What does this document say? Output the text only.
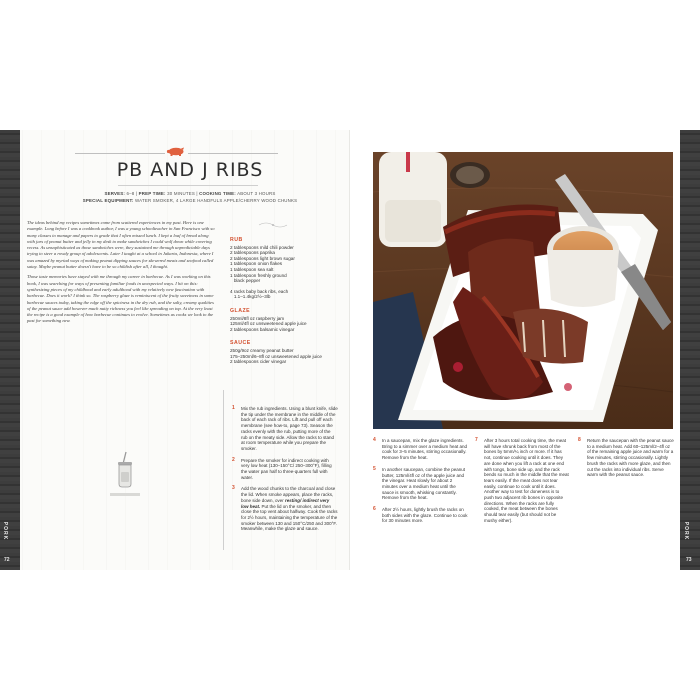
PORK
72
PB AND J RIBS
SERVES: 6–8 | PREP TIME: 30 MINUTES | COOKING TIME: ABOUT 3 HOURS
SPECIAL EQUIPMENT: WATER SMOKER, 4 LARGE HANDFULS APPLE/CHERRY WOOD CHUNKS

The ideas behind my recipes sometimes come from scattered experiences in my past. Here is one example. Long before I was a cookbook author, I was a young schoolteacher in San Francisco with so many classes to manage and papers to grade that I often missed lunch. I kept a loaf of bread along with jars of peanut butter and jelly in my desk to make sandwiches I could wolf down while covering recess. As unsophisticated as those sandwiches were, they sustained me through unpredictable days trying to steer a rowdy group of adolescents. Later I taught at a school in Jakarta, Indonesia, where I was amazed by myriad ways of making peanut dipping sauces for skewered meats and seafood called satay. Maybe peanut butter doesn't have to be so childish after all, I thought.

Those taste memories have stayed with me through my career in barbecue. As I was working on this book, I was searching for ways of presenting familiar foods in unexpected ways. I hit on this: synthesizing pieces of my childhood and early adulthood with my relatively new fascination with barbecue. Does it work? I think so. The raspberry glaze is reminiscent of the fruity sweetness in some barbecue sauces today, taking the edge off the spiciness in the dry rub, and the salty, creamy qualities of the peanut sauce add however much nutty richness you feel like spreading on top. At the very least the recipe is a good example of how barbecue continues to evolve. Sometimes as cooks we look to the past for something new.

RUB
2 tablespoons mild chili powder
2 tablespoons paprika
2 tablespoons light brown sugar
1 tablespoon onion flakes
1 tablespoon sea salt
1 tablespoon freshly ground
black pepper
4 racks baby back ribs, each
1.1–1.4kg/2½–3lb
GLAZE
250ml/8fl oz raspberry jam
125ml/4fl oz unsweetened apple juice
2 tablespoons balsamic vinegar
SAUCE
250g/9oz creamy peanut butter
175–250ml/6–8fl oz unsweetened apple juice
2 tablespoons cider vinegar
1 Mix the rub ingredients. Using a blunt knife, slide the tip under the membrane in the middle of the back of each rack of ribs. Lift and pull off each membrane (see how-to, page 73). Season the racks evenly with the rub, putting more of the rub on the meaty side. Allow the racks to stand at room temperature while you prepare the smoker.
2 Prepare the smoker for indirect cooking with very low heat (130–150°C/ 250–300°F), filling the water pan half to three-quarters full with water.
3 Add the wood chunks to the charcoal and close the lid. When smoke appears, place the racks, bone side down, over resting/ indirect very low heat. Put the lid on the smoker, and then close the top vent about halfway. Cook the racks for 2½ hours, maintaining the temperature of the smoker between 130 and 150°C/250 and 300°F. Meanwhile, make the glaze and sauce.
4 In a saucepan, mix the glaze ingredients. Bring to a simmer over a medium heat and cook for 3–5 minutes, stirring occasionally. Remove from the heat.
5 In another saucepan, combine the peanut butter, 125ml/4fl oz of the apple juice and the vinegar. Heat slowly for about 2 minutes over a medium heat until the sauce is smooth, whisking constantly. Remove from the heat.
6 After 2½ hours, lightly brush the racks on both sides with the glaze. Continue to cook for 30 minutes more.
7 After 3 hours total cooking time, the meat will have shrunk back from most of the bones by 5mm/¼ inch or more. If it has not, continue cooking until it does. They are done when you lift a rack at one end with tongs, bone side up, and the rack bends so much in the middle that the meat tears easily. If the meat does not tear easily, continue to cook until it does. Another way to test for doneness is to push two adjacent rib bones in opposite directions. When the racks are fully cooked, the meat between the bones should tear easily (but should not be mushy either).
8 Return the saucepan with the peanut sauce to a medium heat. Add 60–125ml/2–4fl oz of the remaining apple juice and warm for a few minutes, stirring occasionally. Lightly brush the racks with more glaze, and then cut the racks into individual ribs. Serve warm with the peanut sauce.
PORK
73
